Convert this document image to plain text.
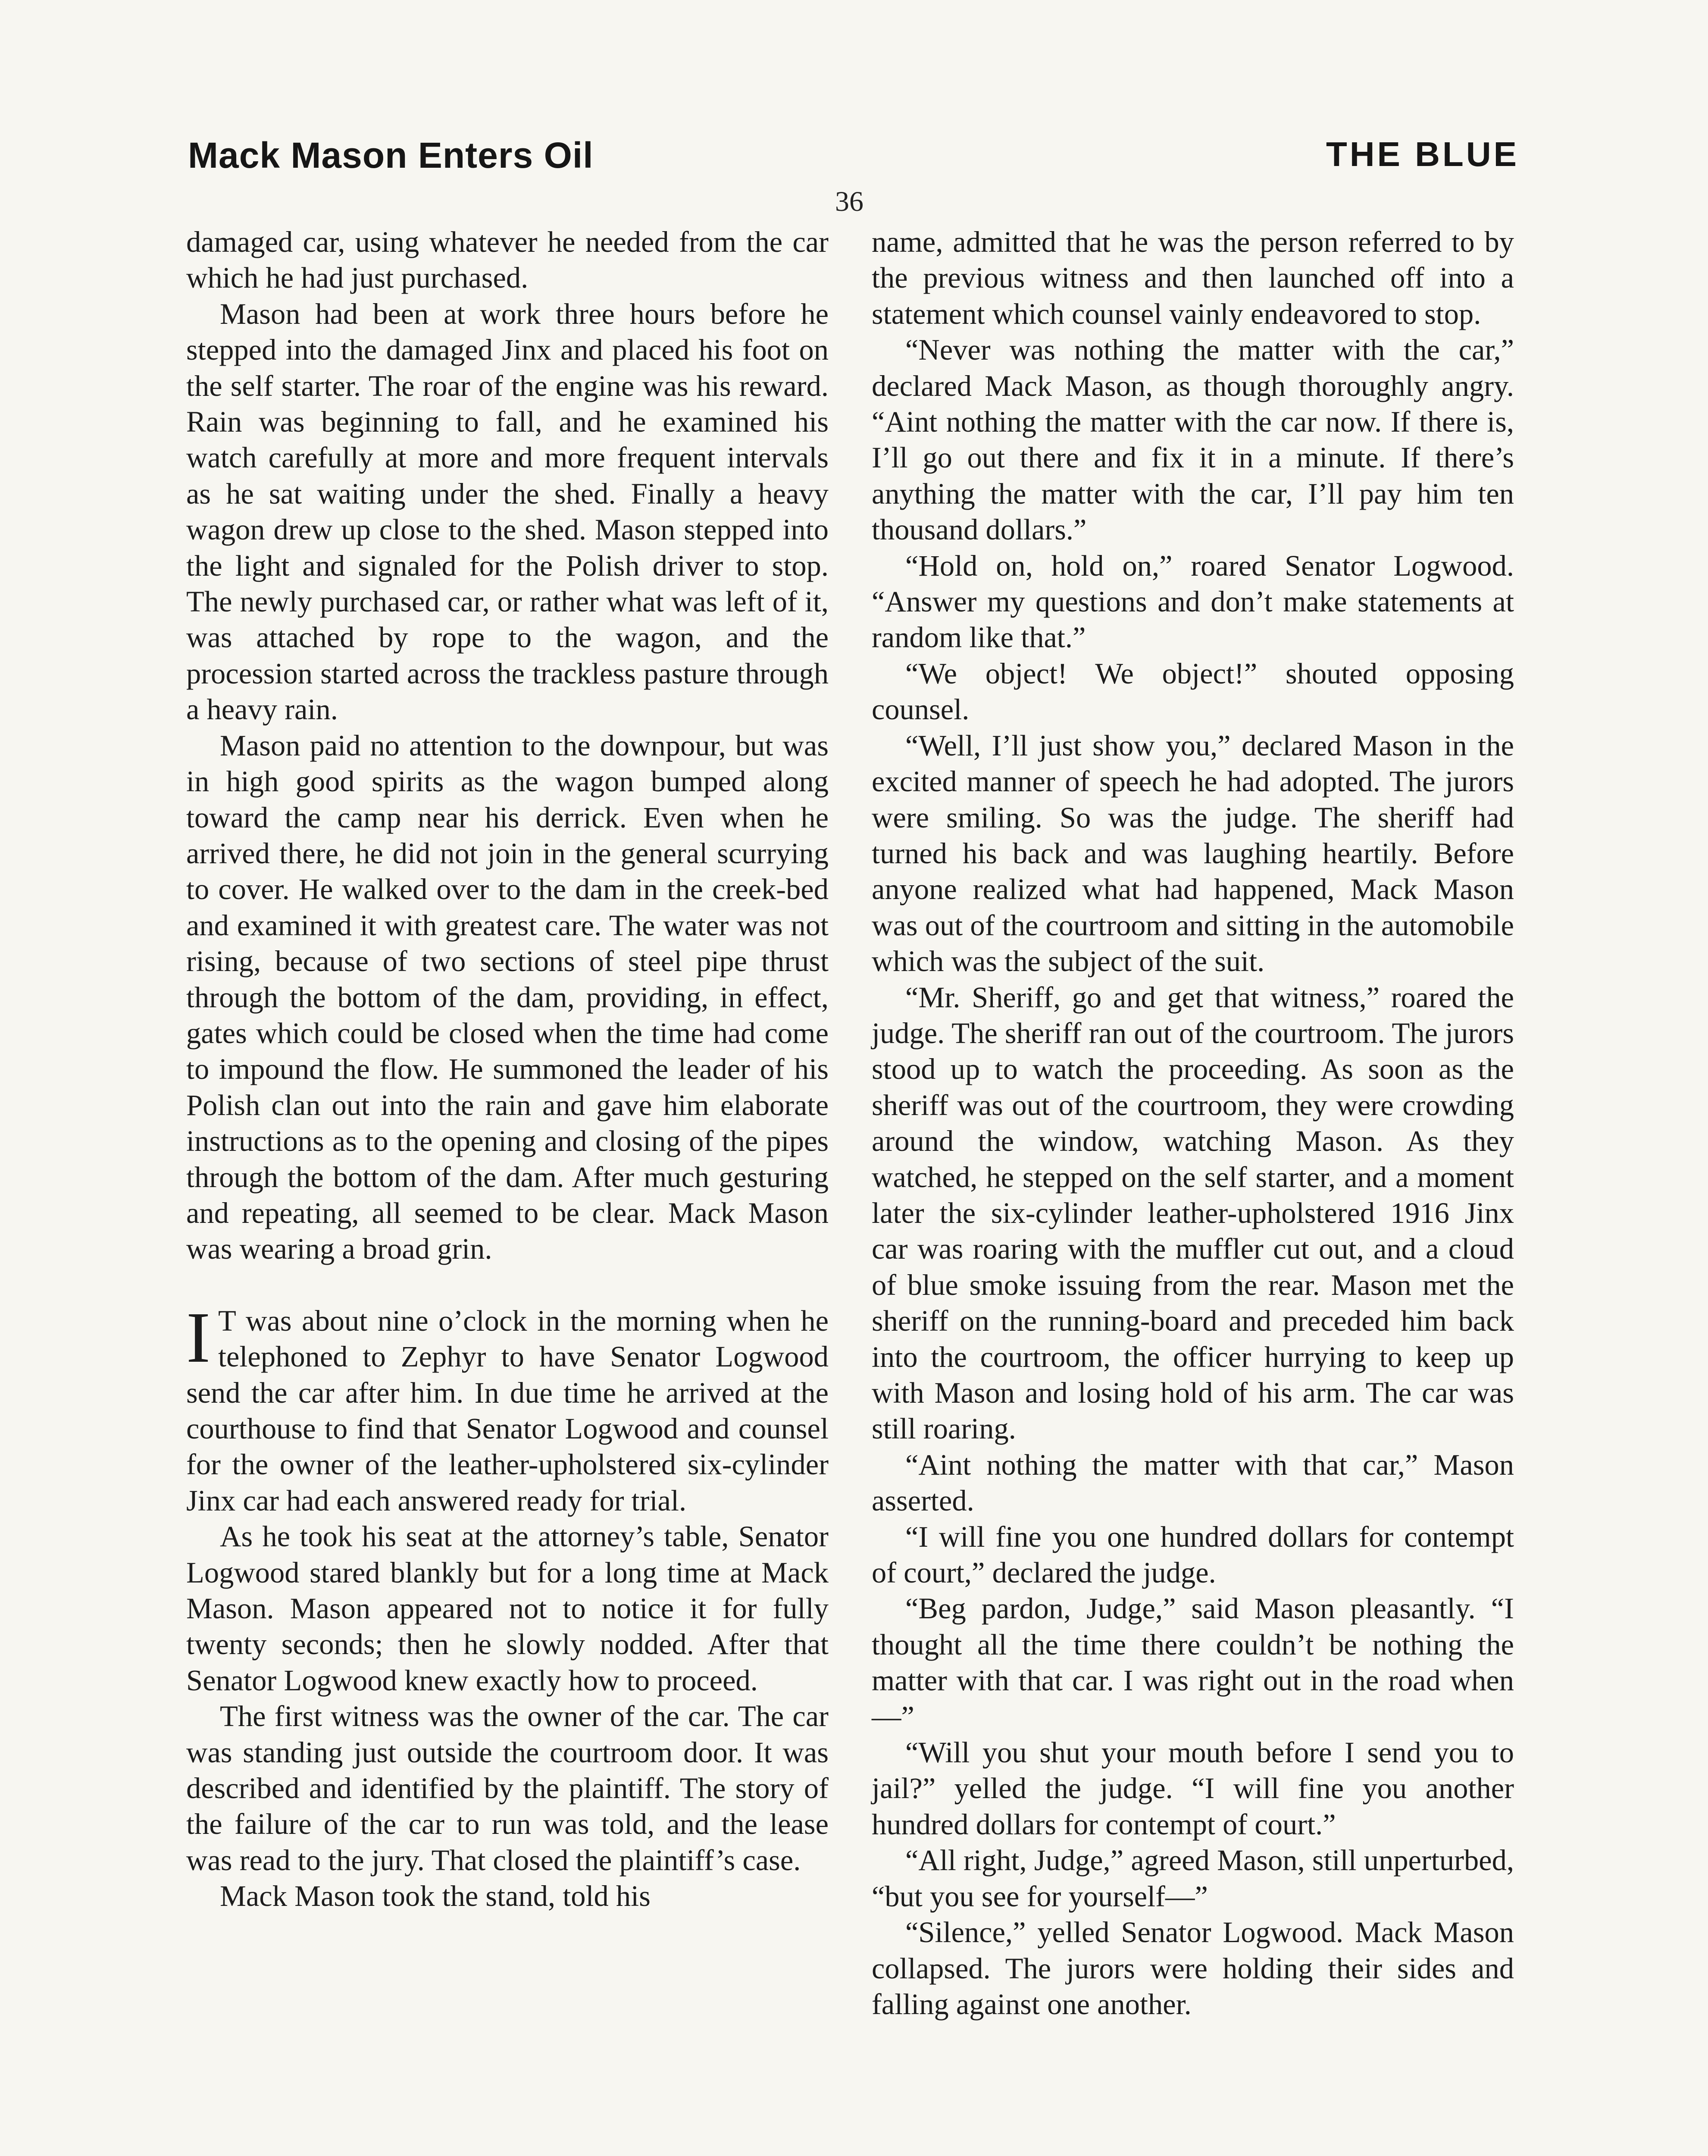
Mack Mason Enters Oil	THE BLUE
36

damaged car, using whatever he needed from the car which he had just purchased.

Mason had been at work three hours before he stepped into the damaged Jinx and placed his foot on the self starter. The roar of the engine was his reward. Rain was beginning to fall, and he examined his watch carefully at more and more frequent intervals as he sat waiting under the shed. Finally a heavy wagon drew up close to the shed. Mason stepped into the light and signaled for the Polish driver to stop. The newly purchased car, or rather what was left of it, was attached by rope to the wagon, and the procession started across the trackless pasture through a heavy rain.

Mason paid no attention to the downpour, but was in high good spirits as the wagon bumped along toward the camp near his derrick. Even when he arrived there, he did not join in the general scurrying to cover. He walked over to the dam in the creek-bed and examined it with greatest care. The water was not rising, because of two sections of steel pipe thrust through the bottom of the dam, providing, in effect, gates which could be closed when the time had come to impound the flow. He summoned the leader of his Polish clan out into the rain and gave him elaborate instructions as to the opening and closing of the pipes through the bottom of the dam. After much gesturing and repeating, all seemed to be clear. Mack Mason was wearing a broad grin.

I T was about nine o’clock in the morning when he telephoned to Zephyr to have Senator Logwood send the car after him. In due time he arrived at the courthouse to find that Senator Logwood and counsel for the owner of the leather-upholstered six-cylinder Jinx car had each answered ready for trial.

As he took his seat at the attorney’s table, Senator Logwood stared blankly but for a long time at Mack Mason. Mason appeared not to notice it for fully twenty seconds; then he slowly nodded. After that Senator Logwood knew exactly how to proceed.

The first witness was the owner of the car. The car was standing just outside the courtroom door. It was described and identified by the plaintiff. The story of the failure of the car to run was told, and the lease was read to the jury. That closed the plaintiff’s case.

Mack Mason took the stand, told his

name, admitted that he was the person referred to by the previous witness and then launched off into a statement which counsel vainly endeavored to stop.

“Never was nothing the matter with the car,” declared Mack Mason, as though thoroughly angry. “Aint nothing the matter with the car now. If there is, I’ll go out there and fix it in a minute. If there’s anything the matter with the car, I’ll pay him ten thousand dollars.”

“Hold on, hold on,” roared Senator Logwood. “Answer my questions and don’t make statements at random like that.”

“We object! We object!” shouted opposing counsel.

“Well, I’ll just show you,” declared Mason in the excited manner of speech he had adopted. The jurors were smiling. So was the judge. The sheriff had turned his back and was laughing heartily. Before anyone realized what had happened, Mack Mason was out of the courtroom and sitting in the automobile which was the subject of the suit.

“Mr. Sheriff, go and get that witness,” roared the judge. The sheriff ran out of the courtroom. The jurors stood up to watch the proceeding. As soon as the sheriff was out of the courtroom, they were crowding around the window, watching Mason. As they watched, he stepped on the self starter, and a moment later the six-cylinder leather-upholstered 1916 Jinx car was roaring with the muffler cut out, and a cloud of blue smoke issuing from the rear. Mason met the sheriff on the running-board and preceded him back into the courtroom, the officer hurrying to keep up with Mason and losing hold of his arm. The car was still roaring.

“Aint nothing the matter with that car,” Mason asserted.

“I will fine you one hundred dollars for contempt of court,” declared the judge.

“Beg pardon, Judge,” said Mason pleasantly. “I thought all the time there couldn’t be nothing the matter with that car. I was right out in the road when—”

“Will you shut your mouth before I send you to jail?” yelled the judge. “I will fine you another hundred dollars for contempt of court.”

“All right, Judge,” agreed Mason, still unperturbed, “but you see for yourself—”

“Silence,” yelled Senator Logwood. Mack Mason collapsed. The jurors were holding their sides and falling against one another.
